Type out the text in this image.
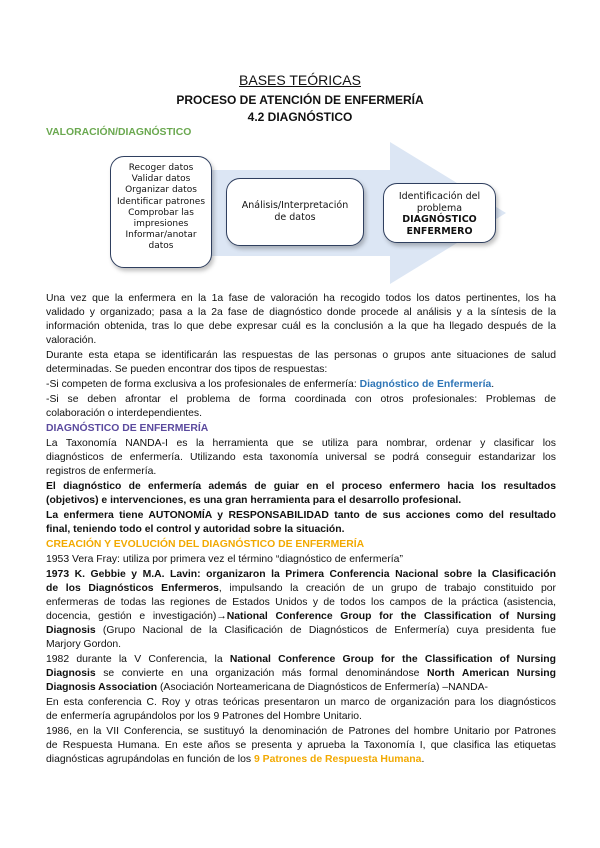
BASES TEÓRICAS
PROCESO DE ATENCIÓN DE ENFERMERÍA
4.2 DIAGNÓSTICO
VALORACIÓN/DIAGNÓSTICO
Recoger datos
Validar datos
Organizar datos
Identificar patrones
Comprobar las
impresiones
Informar/anotar
datos
Análisis/Interpretación
de datos
Identificación del
problema
DIAGNÓSTICO
ENFERMERO
Una vez que la enfermera en la 1a fase de valoración ha recogido todos los datos pertinentes, los ha
validado y organizado; pasa a la 2a fase de diagnóstico donde procede al análisis y a la síntesis de la
información obtenida, tras lo que debe expresar cuál es la conclusión a la que ha llegado después de la
valoración.
Durante esta etapa se identificarán las respuestas de las personas o grupos ante situaciones de salud
determinadas. Se pueden encontrar dos tipos de respuestas:
-Si competen de forma exclusiva a los profesionales de enfermería: Diagnóstico de Enfermería.
-Si se deben afrontar el problema de forma coordinada con otros profesionales: Problemas de
colaboración o interdependientes.
DIAGNÓSTICO DE ENFERMERÍA
La Taxonomía NANDA-I es la herramienta que se utiliza para nombrar, ordenar y clasificar los
diagnósticos de enfermería. Utilizando esta taxonomía universal se podrá conseguir estandarizar los
registros de enfermería.
El diagnóstico de enfermería además de guiar en el proceso enfermero hacia los resultados
(objetivos) e intervenciones, es una gran herramienta para el desarrollo profesional.
La enfermera tiene AUTONOMÍA y RESPONSABILIDAD tanto de sus acciones como del resultado
final, teniendo todo el control y autoridad sobre la situación.
CREACIÓN Y EVOLUCIÓN DEL DIAGNÓSTICO DE ENFERMERÍA
1953 Vera Fray: utiliza por primera vez el término “diagnóstico de enfermería”
1973 K. Gebbie y M.A. Lavin: organizaron la Primera Conferencia Nacional sobre la Clasificación
de los Diagnósticos Enfermeros, impulsando la creación de un grupo de trabajo constituido por
enfermeras de todas las regiones de Estados Unidos y de todos los campos de la práctica (asistencia,
docencia, gestión e investigación)→National Conference Group for the Classification of Nursing
Diagnosis (Grupo Nacional de la Clasificación de Diagnósticos de Enfermería) cuya presidenta fue
Marjory Gordon.
1982 durante la V Conferencia, la National Conference Group for the Classification of Nursing
Diagnosis se convierte en una organización más formal denominándose North American Nursing
Diagnosis Association (Asociación Norteamericana de Diagnósticos de Enfermería) –NANDA-
En esta conferencia C. Roy y otras teóricas presentaron un marco de organización para los diagnósticos
de enfermería agrupándolos por los 9 Patrones del Hombre Unitario.
1986, en la VII Conferencia, se sustituyó la denominación de Patrones del hombre Unitario por Patrones
de Respuesta Humana. En este años se presenta y aprueba la Taxonomía I, que clasifica las etiquetas
diagnósticas agrupándolas en función de los 9 Patrones de Respuesta Humana.
